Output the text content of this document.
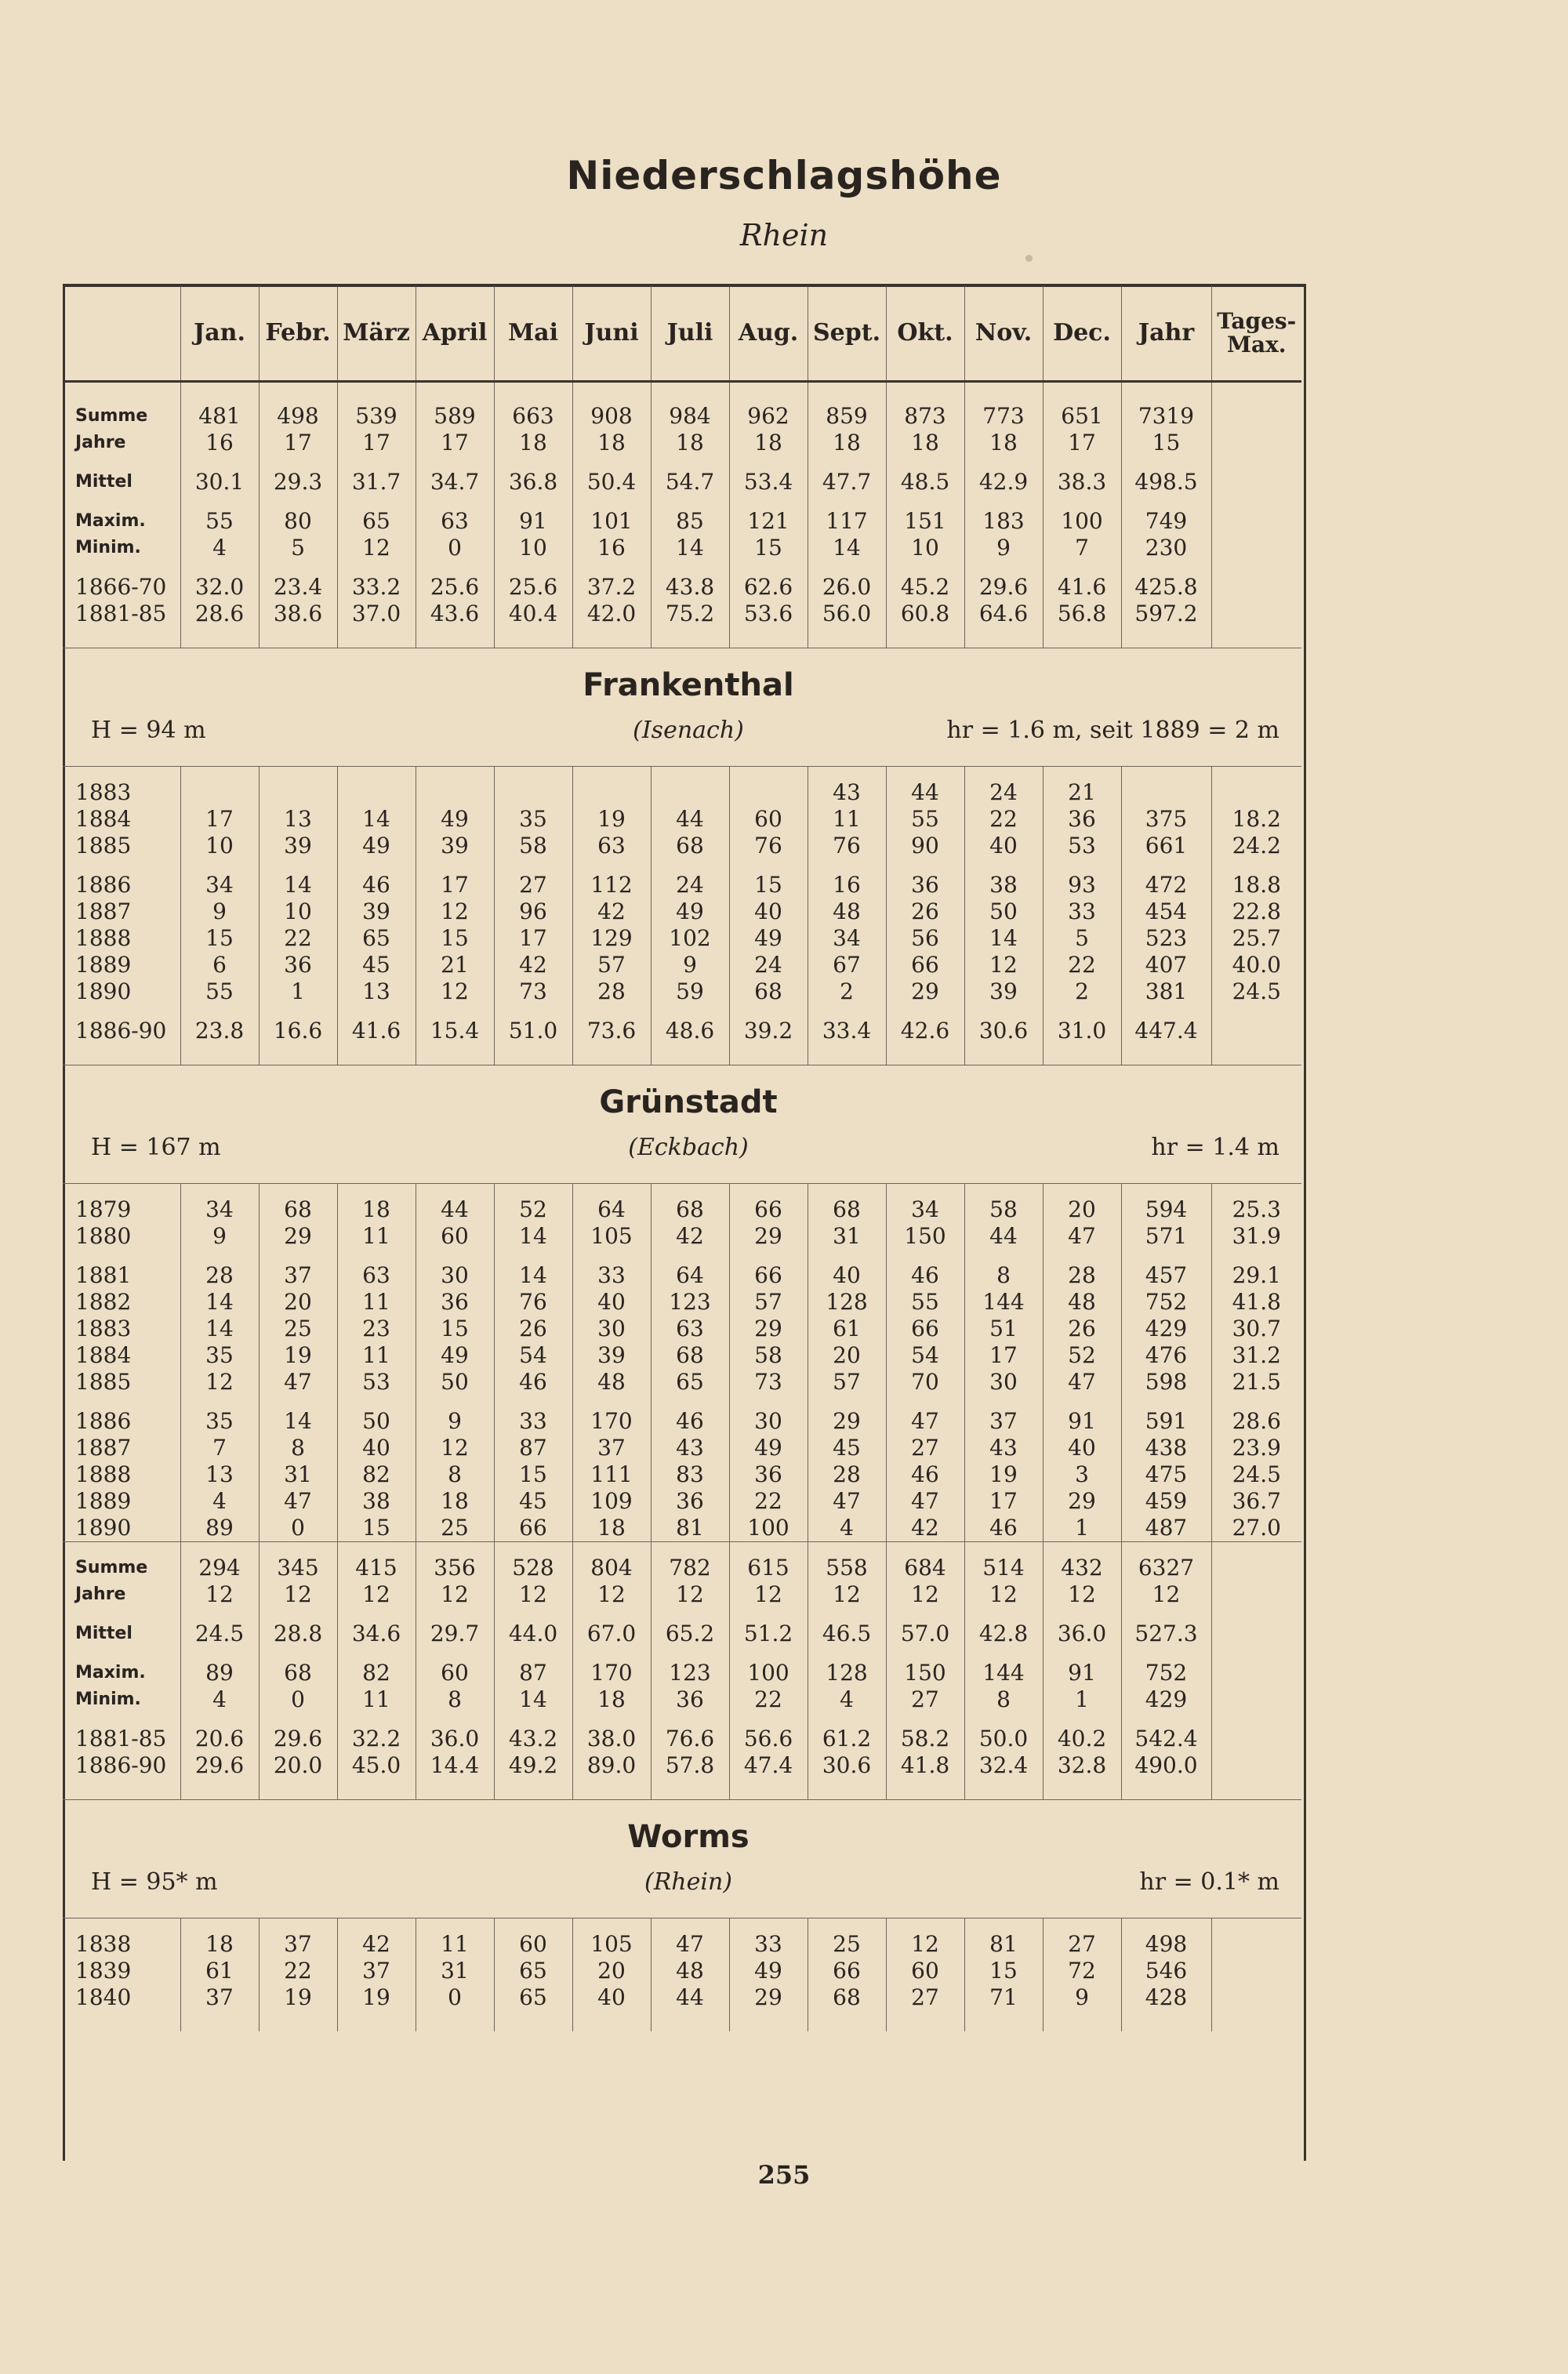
Niederschlagshöhe
Rhein
	Jan.	Febr.	März	April	Mai	Juni	Juli	Aug.	Sept.	Okt.	Nov.	Dec.	Jahr	Tages-
Max.

Summe	481	498	539	589	663	908	984	962	859	873	773	651	7319	
Jahre	16	17	17	17	18	18	18	18	18	18	18	17	15	

Mittel	30.1	29.3	31.7	34.7	36.8	50.4	54.7	53.4	47.7	48.5	42.9	38.3	498.5	

Maxim.	55	80	65	63	91	101	85	121	117	151	183	100	749	
Minim.	4	5	12	0	10	16	14	15	14	10	9	7	230	

1866-70	32.0	23.4	33.2	25.6	25.6	37.2	43.8	62.6	26.0	45.2	29.6	41.6	425.8	
1881-85	28.6	38.6	37.0	43.6	40.4	42.0	75.2	53.6	56.0	60.8	64.6	56.8	597.2	

Frankenthal
(Isenach)
H = 94 m hr = 1.6 m, seit 1889 = 2 m														

1883									43	44	24	21		
1884	17	13	14	49	35	19	44	60	11	55	22	36	375	18.2
1885	10	39	49	39	58	63	68	76	76	90	40	53	661	24.2

1886	34	14	46	17	27	112	24	15	16	36	38	93	472	18.8
1887	9	10	39	12	96	42	49	40	48	26	50	33	454	22.8
1888	15	22	65	15	17	129	102	49	34	56	14	5	523	25.7
1889	6	36	45	21	42	57	9	24	67	66	12	22	407	40.0
1890	55	1	13	12	73	28	59	68	2	29	39	2	381	24.5

1886-90	23.8	16.6	41.6	15.4	51.0	73.6	48.6	39.2	33.4	42.6	30.6	31.0	447.4	

Grünstadt
(Eckbach)
H = 167 m hr = 1.4 m														

1879	34	68	18	44	52	64	68	66	68	34	58	20	594	25.3
1880	9	29	11	60	14	105	42	29	31	150	44	47	571	31.9

1881	28	37	63	30	14	33	64	66	40	46	8	28	457	29.1
1882	14	20	11	36	76	40	123	57	128	55	144	48	752	41.8
1883	14	25	23	15	26	30	63	29	61	66	51	26	429	30.7
1884	35	19	11	49	54	39	68	58	20	54	17	52	476	31.2
1885	12	47	53	50	46	48	65	73	57	70	30	47	598	21.5

1886	35	14	50	9	33	170	46	30	29	47	37	91	591	28.6
1887	7	8	40	12	87	37	43	49	45	27	43	40	438	23.9
1888	13	31	82	8	15	111	83	36	28	46	19	3	475	24.5
1889	4	47	38	18	45	109	36	22	47	47	17	29	459	36.7
1890	89	0	15	25	66	18	81	100	4	42	46	1	487	27.0

Summe	294	345	415	356	528	804	782	615	558	684	514	432	6327	
Jahre	12	12	12	12	12	12	12	12	12	12	12	12	12	

Mittel	24.5	28.8	34.6	29.7	44.0	67.0	65.2	51.2	46.5	57.0	42.8	36.0	527.3	

Maxim.	89	68	82	60	87	170	123	100	128	150	144	91	752	
Minim.	4	0	11	8	14	18	36	22	4	27	8	1	429	

1881-85	20.6	29.6	32.2	36.0	43.2	38.0	76.6	56.6	61.2	58.2	50.0	40.2	542.4	
1886-90	29.6	20.0	45.0	14.4	49.2	89.0	57.8	47.4	30.6	41.8	32.4	32.8	490.0	

Worms
(Rhein)
H = 95* m hr = 0.1* m														

1838	18	37	42	11	60	105	47	33	25	12	81	27	498	
1839	61	22	37	31	65	20	48	49	66	60	15	72	546	
1840	37	19	19	0	65	40	44	29	68	27	71	9	428	

255
